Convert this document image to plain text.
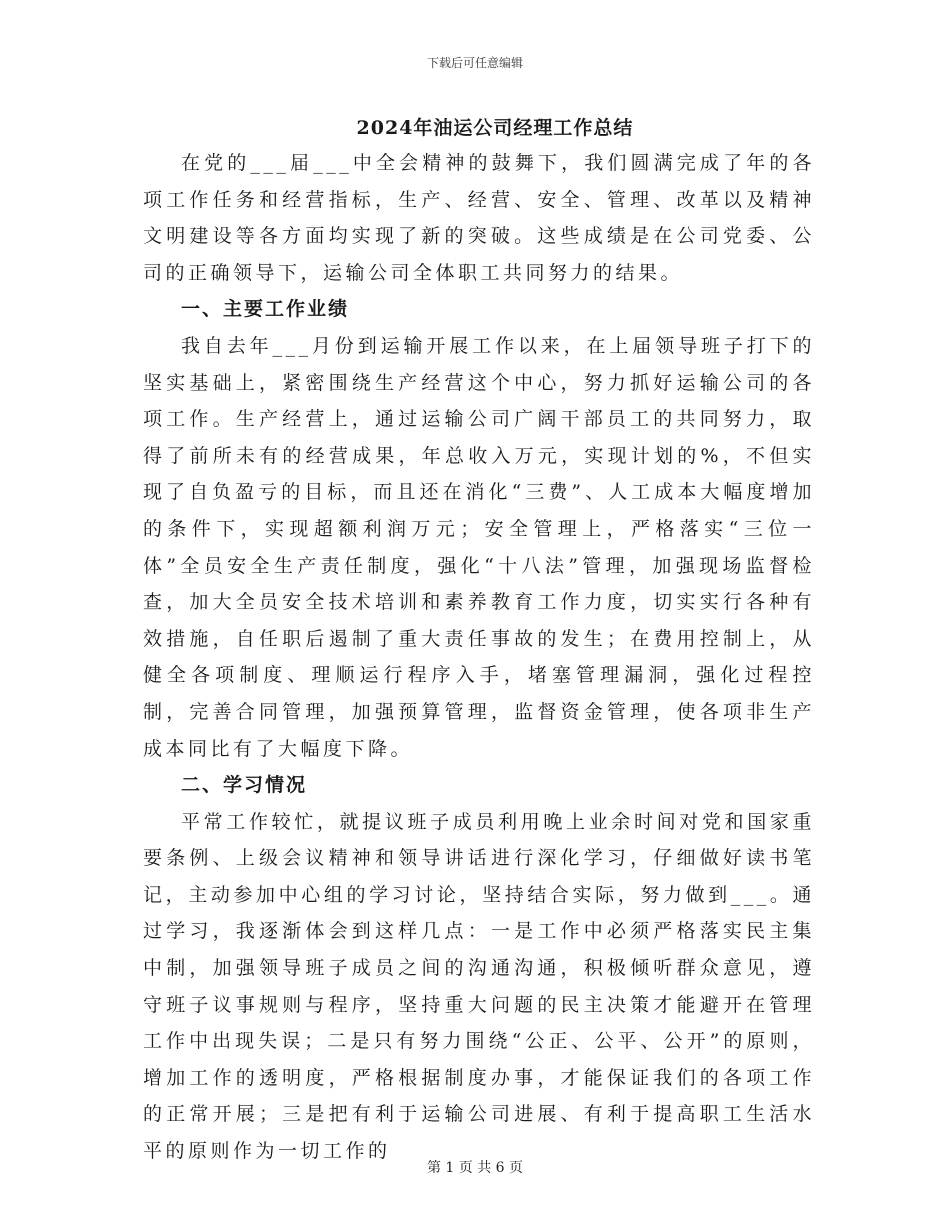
下载后可任意编辑
2024年油运公司经理工作总结

在党的___届___中全会精神的鼓舞下，我们圆满完成了年的各项工作任务和经营指标，生产、经营、安全、管理、改革以及精神文明建设等各方面均实现了新的突破。这些成绩是在公司党委、公司的正确领导下，运输公司全体职工共同努力的结果。

一、主要工作业绩

我自去年___月份到运输开展工作以来，在上届领导班子打下的坚实基础上，紧密围绕生产经营这个中心，努力抓好运输公司的各项工作。生产经营上，通过运输公司广阔干部员工的共同努力，取得了前所未有的经营成果，年总收入万元，实现计划的%，不但实现了自负盈亏的目标，而且还在消化“三费”、人工成本大幅度增加的条件下，实现超额利润万元；安全管理上，严格落实“三位一体”全员安全生产责任制度，强化“十八法”管理，加强现场监督检查，加大全员安全技术培训和素养教育工作力度，切实实行各种有效措施，自任职后遏制了重大责任事故的发生；在费用控制上，从健全各项制度、理顺运行程序入手，堵塞管理漏洞，强化过程控制，完善合同管理，加强预算管理，监督资金管理，使各项非生产成本同比有了大幅度下降。

二、学习情况

平常工作较忙，就提议班子成员利用晚上业余时间对党和国家重要条例、上级会议精神和领导讲话进行深化学习，仔细做好读书笔记，主动参加中心组的学习讨论，坚持结合实际，努力做到___。通过学习，我逐渐体会到这样几点：一是工作中必须严格落实民主集中制，加强领导班子成员之间的沟通沟通，积极倾听群众意见，遵守班子议事规则与程序，坚持重大问题的民主决策才能避开在管理工作中出现失误；二是只有努力围绕“公正、公平、公开”的原则，增加工作的透明度，严格根据制度办事，才能保证我们的各项工作的正常开展；三是把有利于运输公司进展、有利于提高职工生活水平的原则作为一切工作的

第 1 页 共 6 页
